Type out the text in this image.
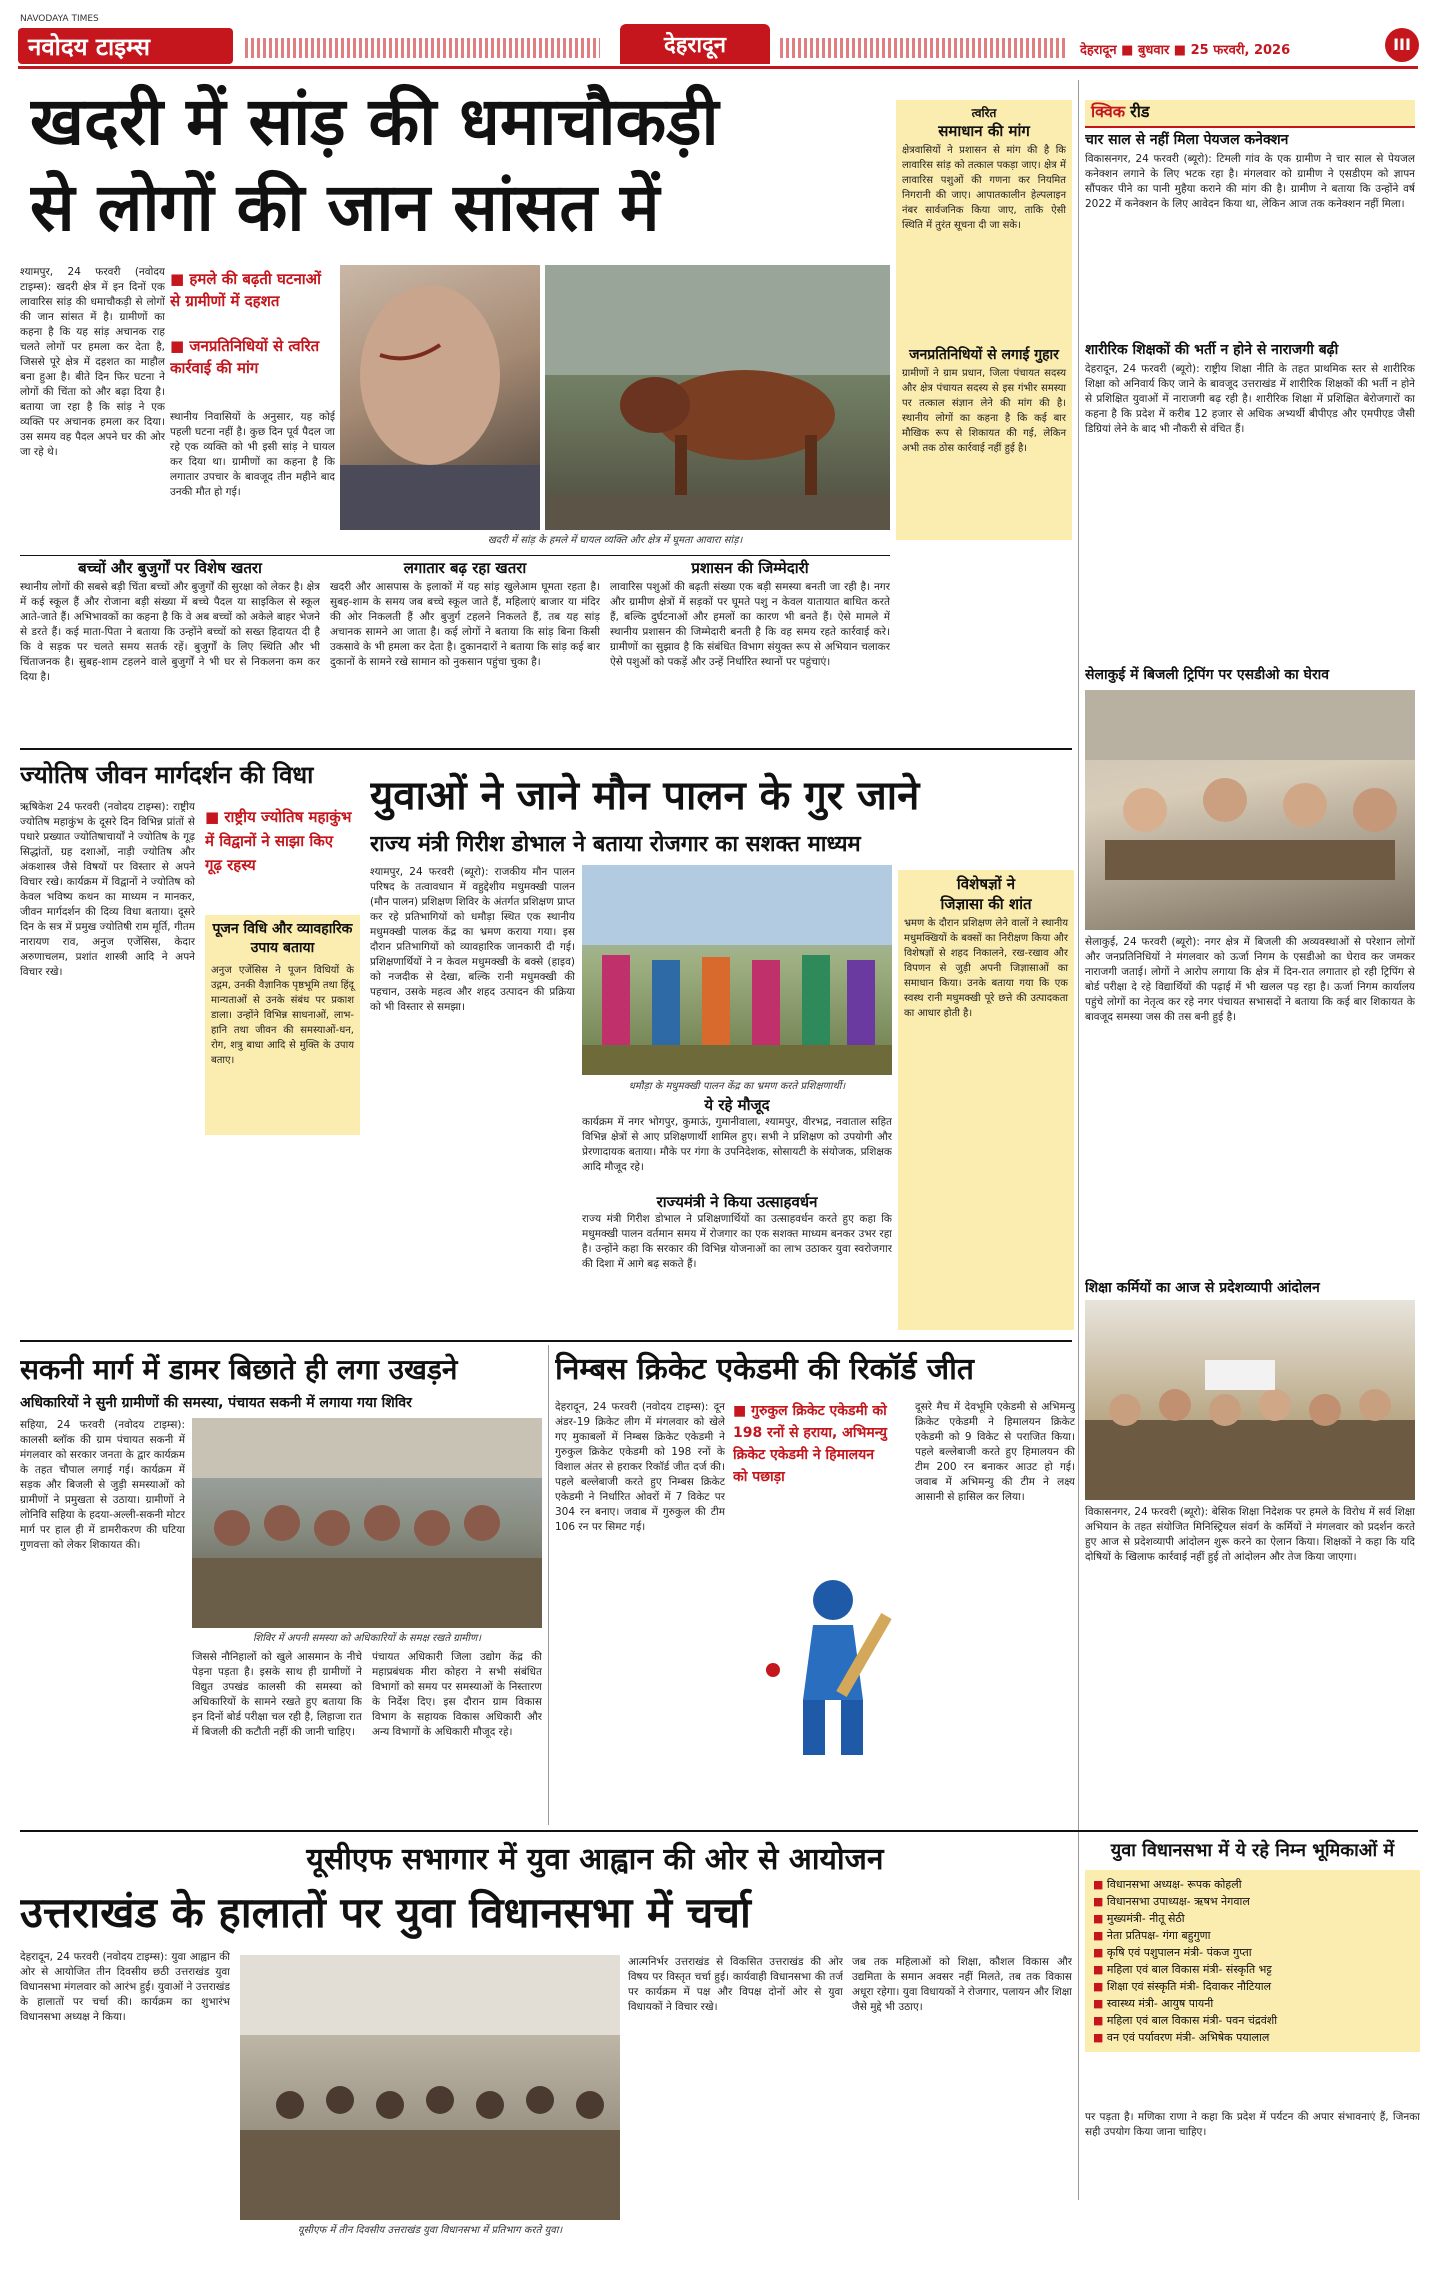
नवोदय टाइम्स
NAVODAYA TIMES
देहरादून	देहरादून ■ बुधवार ■ 25 फरवरी, 2026	III
खदरी में सांड़ की धमाचौकड़ी
से लोगों की जान सांसत में
श्यामपुर, 24 फरवरी (नवोदय टाइम्स): खदरी क्षेत्र में इन दिनों एक लावारिस सांड़ की धमाचौकड़ी से लोगों की जान सांसत में है। ग्रामीणों का कहना है कि यह सांड़ अचानक राह चलते लोगों पर हमला कर देता है, जिससे पूरे क्षेत्र में दहशत का माहौल बना हुआ है। बीते दिन फिर घटना ने लोगों की चिंता को और बढ़ा दिया है। बताया जा रहा है कि सांड़ ने एक व्यक्ति पर अचानक हमला कर दिया। उस समय वह पैदल अपने घर की ओर जा रहे थे।
■ हमले की बढ़ती घटनाओं से ग्रामीणों में दहशत
■ जनप्रतिनिधियों से त्वरित कार्रवाई की मांग
स्थानीय निवासियों के अनुसार, यह कोई पहली घटना नहीं है। कुछ दिन पूर्व पैदल जा रहे एक व्यक्ति को भी इसी सांड़ ने घायल कर दिया था। ग्रामीणों का कहना है कि लगातार उपचार के बावजूद तीन महीने बाद उनकी मौत हो गई।
खदरी में सांड़ के हमले में घायल व्यक्ति और क्षेत्र में घूमता आवारा सांड़।
बच्चों और बुजुर्गों पर विशेष खतरा
स्थानीय लोगों की सबसे बड़ी चिंता बच्चों और बुजुर्गों की सुरक्षा को लेकर है। क्षेत्र में कई स्कूल हैं और रोजाना बड़ी संख्या में बच्चे पैदल या साइकिल से स्कूल आते-जाते हैं। अभिभावकों का कहना है कि वे अब बच्चों को अकेले बाहर भेजने से डरते हैं। कई माता-पिता ने बताया कि उन्होंने बच्चों को सख्त हिदायत दी है कि वे सड़क पर चलते समय सतर्क रहें। बुजुर्गों के लिए स्थिति और भी चिंताजनक है। सुबह-शाम टहलने वाले बुजुर्गों ने भी घर से निकलना कम कर दिया है।
लगातार बढ़ रहा खतरा
खदरी और आसपास के इलाकों में यह सांड़ खुलेआम घूमता रहता है। सुबह-शाम के समय जब बच्चे स्कूल जाते हैं, महिलाएं बाजार या मंदिर की ओर निकलती हैं और बुजुर्ग टहलने निकलते हैं, तब यह सांड़ अचानक सामने आ जाता है। कई लोगों ने बताया कि सांड़ बिना किसी उकसावे के भी हमला कर देता है। दुकानदारों ने बताया कि सांड़ कई बार दुकानों के सामने रखे सामान को नुकसान पहुंचा चुका है।
प्रशासन की जिम्मेदारी
लावारिस पशुओं की बढ़ती संख्या एक बड़ी समस्या बनती जा रही है। नगर और ग्रामीण क्षेत्रों में सड़कों पर घूमते पशु न केवल यातायात बाधित करते हैं, बल्कि दुर्घटनाओं और हमलों का कारण भी बनते हैं। ऐसे मामले में स्थानीय प्रशासन की जिम्मेदारी बनती है कि वह समय रहते कार्रवाई करे। ग्रामीणों का सुझाव है कि संबंधित विभाग संयुक्त रूप से अभियान चलाकर ऐसे पशुओं को पकड़ें और उन्हें निर्धारित स्थानों पर पहुंचाएं।
त्वरित
समाधान की मांग
क्षेत्रवासियों ने प्रशासन से मांग की है कि लावारिस सांड़ को तत्काल पकड़ा जाए। क्षेत्र में लावारिस पशुओं की गणना कर नियमित निगरानी की जाए। आपातकालीन हेल्पलाइन नंबर सार्वजनिक किया जाए, ताकि ऐसी स्थिति में तुरंत सूचना दी जा सके।
जनप्रतिनिधियों से लगाई गुहार
ग्रामीणों ने ग्राम प्रधान, जिला पंचायत सदस्य और क्षेत्र पंचायत सदस्य से इस गंभीर समस्या पर तत्काल संज्ञान लेने की मांग की है। स्थानीय लोगों का कहना है कि कई बार मौखिक रूप से शिकायत की गई, लेकिन अभी तक ठोस कार्रवाई नहीं हुई है।
क्विक रीड
चार साल से नहीं मिला पेयजल कनेक्शन
विकासनगर, 24 फरवरी (ब्यूरो): टिमली गांव के एक ग्रामीण ने चार साल से पेयजल कनेक्शन लगाने के लिए भटक रहा है। मंगलवार को ग्रामीण ने एसडीएम को ज्ञापन सौंपकर पीने का पानी मुहैया कराने की मांग की है। ग्रामीण ने बताया कि उन्होंने वर्ष 2022 में कनेक्शन के लिए आवेदन किया था, लेकिन आज तक कनेक्शन नहीं मिला।
शारीरिक शिक्षकों की भर्ती न होने से नाराजगी बढ़ी
देहरादून, 24 फरवरी (ब्यूरो): राष्ट्रीय शिक्षा नीति के तहत प्राथमिक स्तर से शारीरिक शिक्षा को अनिवार्य किए जाने के बावजूद उत्तराखंड में शारीरिक शिक्षकों की भर्ती न होने से प्रशिक्षित युवाओं में नाराजगी बढ़ रही है। शारीरिक शिक्षा में प्रशिक्षित बेरोजगारों का कहना है कि प्रदेश में करीब 12 हजार से अधिक अभ्यर्थी बीपीएड और एमपीएड जैसी डिग्रियां लेने के बाद भी नौकरी से वंचित हैं।
सेलाकुई में बिजली ट्रिपिंग पर एसडीओ का घेराव
सेलाकुई, 24 फरवरी (ब्यूरो): नगर क्षेत्र में बिजली की अव्यवस्थाओं से परेशान लोगों और जनप्रतिनिधियों ने मंगलवार को ऊर्जा निगम के एसडीओ का घेराव कर जमकर नाराजगी जताई। लोगों ने आरोप लगाया कि क्षेत्र में दिन-रात लगातार हो रही ट्रिपिंग से बोर्ड परीक्षा दे रहे विद्यार्थियों की पढ़ाई में भी खलल पड़ रहा है। ऊर्जा निगम कार्यालय पहुंचे लोगों का नेतृत्व कर रहे नगर पंचायत सभासदों ने बताया कि कई बार शिकायत के बावजूद समस्या जस की तस बनी हुई है।
शिक्षा कर्मियों का आज से प्रदेशव्यापी आंदोलन
विकासनगर, 24 फरवरी (ब्यूरो): बेसिक शिक्षा निदेशक पर हमले के विरोध में सर्व शिक्षा अभियान के तहत संयोजित मिनिस्ट्रियल संवर्ग के कर्मियों ने मंगलवार को प्रदर्शन करते हुए आज से प्रदेशव्यापी आंदोलन शुरू करने का ऐलान किया। शिक्षकों ने कहा कि यदि दोषियों के खिलाफ कार्रवाई नहीं हुई तो आंदोलन और तेज किया जाएगा।
ज्योतिष जीवन मार्गदर्शन की विधा
ऋषिकेश 24 फरवरी (नवोदय टाइम्स): राष्ट्रीय ज्योतिष महाकुंभ के दूसरे दिन विभिन्न प्रांतों से पधारे प्रख्यात ज्योतिषाचार्यों ने ज्योतिष के गूढ़ सिद्धांतों, ग्रह दशाओं, नाड़ी ज्योतिष और अंकशास्त्र जैसे विषयों पर विस्तार से अपने विचार रखे। कार्यक्रम में विद्वानों ने ज्योतिष को केवल भविष्य कथन का माध्यम न मानकर, जीवन मार्गदर्शन की दिव्य विधा बताया। दूसरे दिन के सत्र में प्रमुख ज्योतिषी राम मूर्ति, गीतम नारायण राव, अनुज एजेंसिस, केदार अरुणाचलम, प्रशांत शास्त्री आदि ने अपने विचार रखे।
■ राष्ट्रीय ज्योतिष महाकुंभ में विद्वानों ने साझा किए गूढ़ रहस्य
पूजन विधि और व्यावहारिक उपाय बताया
अनुज एजेंसिस ने पूजन विधियों के उद्गम, उनकी वैज्ञानिक पृष्ठभूमि तथा हिंदू मान्यताओं से उनके संबंध पर प्रकाश डाला। उन्होंने विभिन्न साधनाओं, लाभ-हानि तथा जीवन की समस्याओं-धन, रोग, शत्रु बाधा आदि से मुक्ति के उपाय बताए।
युवाओं ने जाने मौन पालन के गुर जाने
राज्य मंत्री गिरीश डोभाल ने बताया रोजगार का सशक्त माध्यम
श्यामपुर, 24 फरवरी (ब्यूरो): राजकीय मौन पालन परिषद के तत्वावधान में वहुद्देशीय मधुमक्खी पालन (मौन पालन) प्रशिक्षण शिविर के अंतर्गत प्रशिक्षण प्राप्त कर रहे प्रतिभागियों को धमौड़ा स्थित एक स्थानीय मधुमक्खी पालक केंद्र का भ्रमण कराया गया। इस दौरान प्रतिभागियों को व्यावहारिक जानकारी दी गई। प्रशिक्षणार्थियों ने न केवल मधुमक्खी के बक्से (हाइव) को नजदीक से देखा, बल्कि रानी मधुमक्खी की पहचान, उसके महत्व और शहद उत्पादन की प्रक्रिया को भी विस्तार से समझा।
धमौड़ा के मधुमक्खी पालन केंद्र का भ्रमण करते प्रशिक्षणार्थी।
विशेषज्ञों ने
जिज्ञासा की शांत
भ्रमण के दौरान प्रशिक्षण लेने वालों ने स्थानीय मधुमक्खियों के बक्सों का निरीक्षण किया और विशेषज्ञों से शहद निकालने, रख-रखाव और विपणन से जुड़ी अपनी जिज्ञासाओं का समाधान किया। उनके बताया गया कि एक स्वस्थ रानी मधुमक्खी पूरे छत्ते की उत्पादकता का आधार होती है।
ये रहे मौजूद
कार्यक्रम में नगर भोगपुर, कुमाऊं, गुमानीवाला, श्यामपुर, वीरभद्र, नवाताल सहित विभिन्न क्षेत्रों से आए प्रशिक्षणार्थी शामिल हुए। सभी ने प्रशिक्षण को उपयोगी और प्रेरणादायक बताया। मौके पर गंगा के उपनिदेशक, सोसायटी के संयोजक, प्रशिक्षक आदि मौजूद रहे।
राज्यमंत्री ने किया उत्साहवर्धन
राज्य मंत्री गिरीश डोभाल ने प्रशिक्षणार्थियों का उत्साहवर्धन करते हुए कहा कि मधुमक्खी पालन वर्तमान समय में रोजगार का एक सशक्त माध्यम बनकर उभर रहा है। उन्होंने कहा कि सरकार की विभिन्न योजनाओं का लाभ उठाकर युवा स्वरोजगार की दिशा में आगे बढ़ सकते हैं।
सकनी मार्ग में डामर बिछाते ही लगा उखड़ने
अधिकारियों ने सुनी ग्रामीणों की समस्या, पंचायत सकनी में लगाया गया शिविर
सहिया, 24 फरवरी (नवोदय टाइम्स): कालसी ब्लॉक की ग्राम पंचायत सकनी में मंगलवार को सरकार जनता के द्वार कार्यक्रम के तहत चौपाल लगाई गई। कार्यक्रम में सड़क और बिजली से जुड़ी समस्याओं को ग्रामीणों ने प्रमुखता से उठाया। ग्रामीणों ने लोनिवि सहिया के हदया-अल्ली-सकनी मोटर मार्ग पर हाल ही में डामरीकरण की घटिया गुणवत्ता को लेकर शिकायत की।
शिविर में अपनी समस्या को अधिकारियों के समक्ष रखते ग्रामीण।
जिससे नौनिहालों को खुले आसमान के नीचे पेड़ना पड़ता है। इसके साथ ही ग्रामीणों ने विद्युत उपखंड कालसी की समस्या को अधिकारियों के सामने रखते हुए बताया कि इन दिनों बोर्ड परीक्षा चल रही है, लिहाजा रात में बिजली की कटौती नहीं की जानी चाहिए।
पंचायत अधिकारी जिला उद्योग केंद्र की महाप्रबंधक मीरा कोहरा ने सभी संबंधित विभागों को समय पर समस्याओं के निस्तारण के निर्देश दिए। इस दौरान ग्राम विकास विभाग के सहायक विकास अधिकारी और अन्य विभागों के अधिकारी मौजूद रहे।
निम्बस क्रिकेट एकेडमी की रिकॉर्ड जीत
देहरादून, 24 फरवरी (नवोदय टाइम्स): दून अंडर-19 क्रिकेट लीग में मंगलवार को खेले गए मुकाबलों में निम्बस क्रिकेट एकेडमी ने गुरुकुल क्रिकेट एकेडमी को 198 रनों के विशाल अंतर से हराकर रिकॉर्ड जीत दर्ज की। पहले बल्लेबाजी करते हुए निम्बस क्रिकेट एकेडमी ने निर्धारित ओवरों में 7 विकेट पर 304 रन बनाए। जवाब में गुरुकुल की टीम 106 रन पर सिमट गई।
■ गुरुकुल क्रिकेट एकेडमी को 198 रनों से हराया, अभिमन्यु क्रिकेट एकेडमी ने हिमालयन को पछाड़ा
दूसरे मैच में देवभूमि एकेडमी से अभिमन्यु क्रिकेट एकेडमी ने हिमालयन क्रिकेट एकेडमी को 9 विकेट से पराजित किया। पहले बल्लेबाजी करते हुए हिमालयन की टीम 200 रन बनाकर आउट हो गई। जवाब में अभिमन्यु की टीम ने लक्ष्य आसानी से हासिल कर लिया।
यूसीएफ सभागार में युवा आह्वान की ओर से आयोजन
उत्तराखंड के हालातों पर युवा विधानसभा में चर्चा
देहरादून, 24 फरवरी (नवोदय टाइम्स): युवा आह्वान की ओर से आयोजित तीन दिवसीय छठी उत्तराखंड युवा विधानसभा मंगलवार को आरंभ हुई। युवाओं ने उत्तराखंड के हालातों पर चर्चा की। कार्यक्रम का शुभारंभ विधानसभा अध्यक्ष ने किया।
यूसीएफ में तीन दिवसीय उत्तराखंड युवा विधानसभा में प्रतिभाग करते युवा।
आत्मनिर्भर उत्तराखंड से विकसित उत्तराखंड की ओर विषय पर विस्तृत चर्चा हुई। कार्यवाही विधानसभा की तर्ज पर कार्यक्रम में पक्ष और विपक्ष दोनों ओर से युवा विधायकों ने विचार रखे।
जब तक महिलाओं को शिक्षा, कौशल विकास और उद्यमिता के समान अवसर नहीं मिलते, तब तक विकास अधूरा रहेगा। युवा विधायकों ने रोजगार, पलायन और शिक्षा जैसे मुद्दे भी उठाए।
युवा विधानसभा में ये रहे निम्न भूमिकाओं में
■ विधानसभा अध्यक्ष- रूपक कोहली
■ विधानसभा उपाध्यक्ष- ऋषभ नेगवाल
■ मुख्यमंत्री- नीतू सेठी
■ नेता प्रतिपक्ष- गंगा बहुगुणा
■ कृषि एवं पशुपालन मंत्री- पंकज गुप्ता
■ महिला एवं बाल विकास मंत्री- संस्कृति भट्ट
■ शिक्षा एवं संस्कृति मंत्री- दिवाकर नौटियाल
■ स्वास्थ्य मंत्री- आयुष पायनी
■ महिला एवं बाल विकास मंत्री- पवन चंद्रवंशी
■ वन एवं पर्यावरण मंत्री- अभिषेक पयालाल
पर पड़ता है। मणिका राणा ने कहा कि प्रदेश में पर्यटन की अपार संभावनाएं हैं, जिनका सही उपयोग किया जाना चाहिए।
